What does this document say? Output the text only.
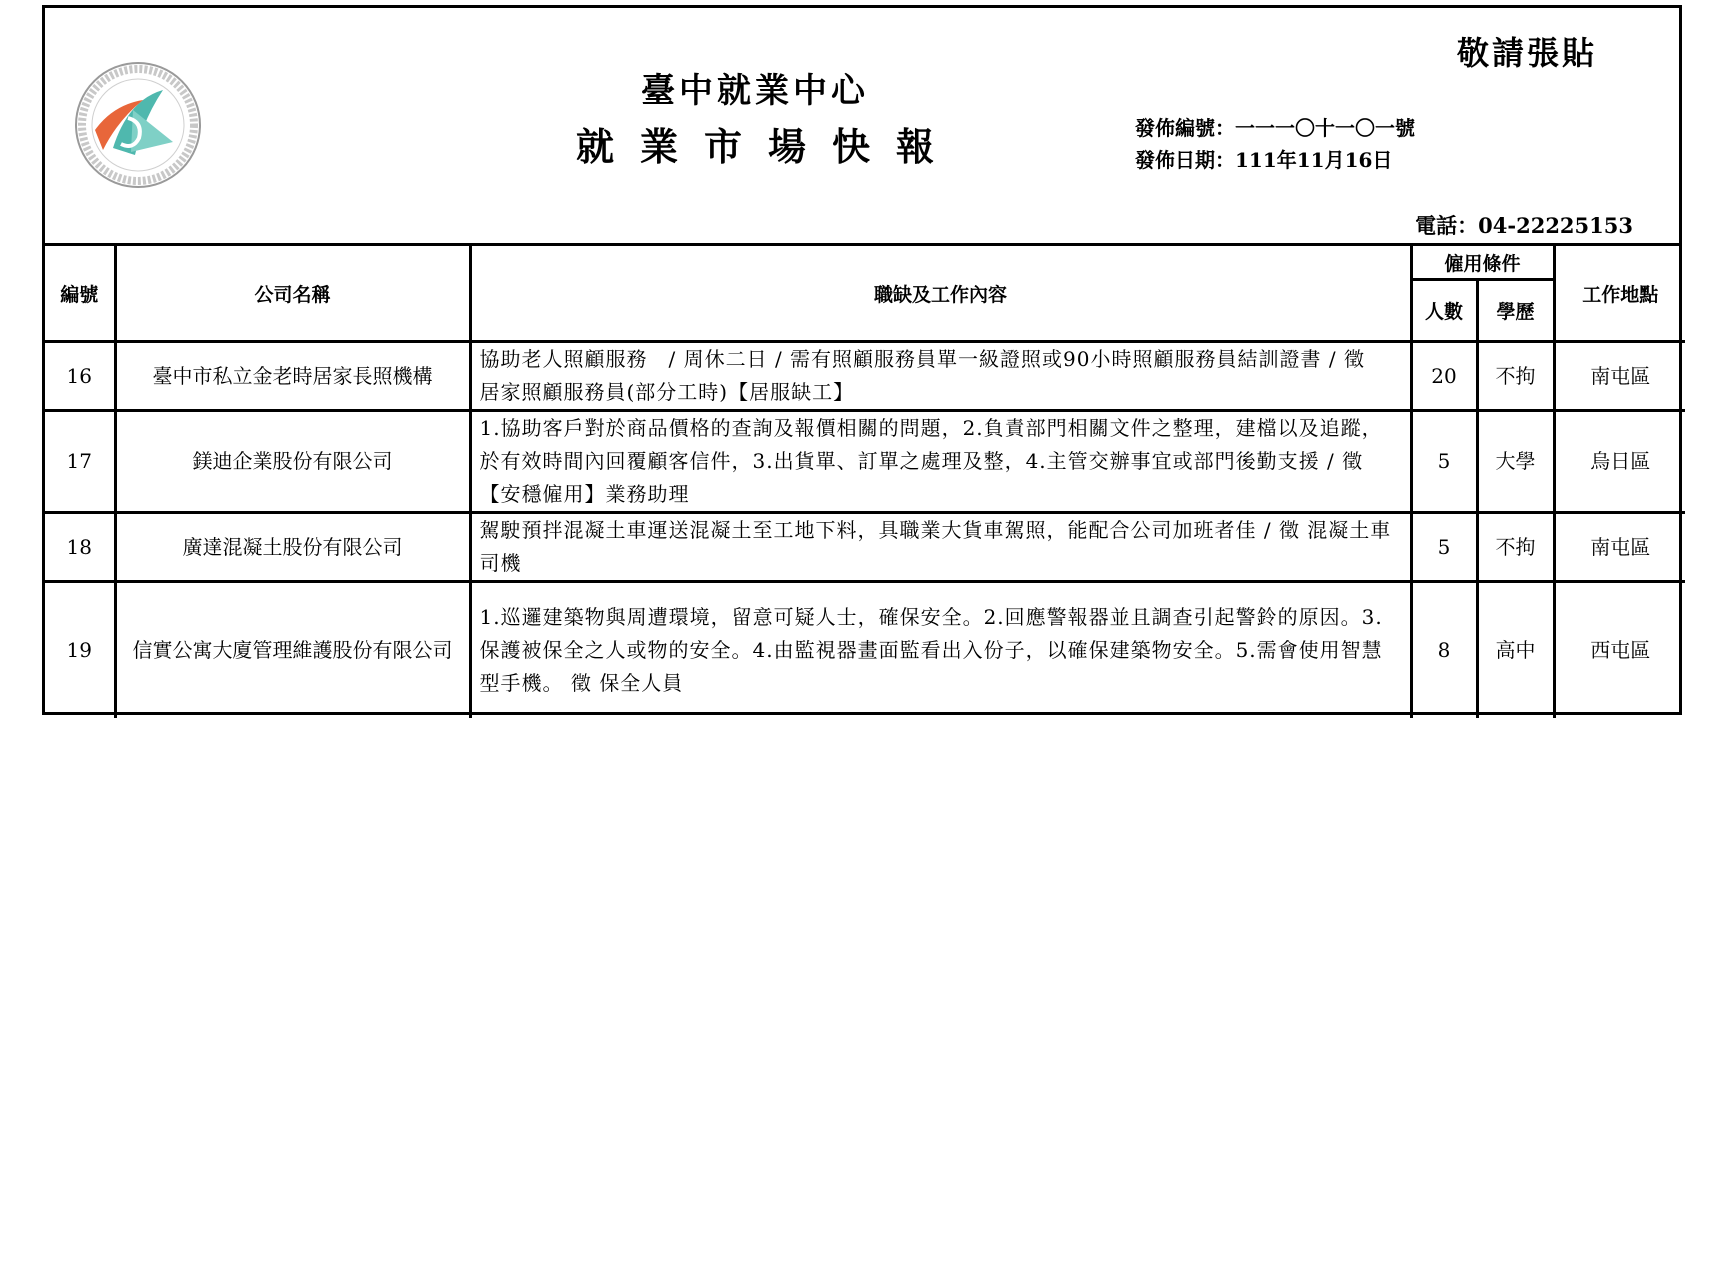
敬請張貼
臺中就業中心
就業市場快報	發佈編號：一一一〇十一〇一號
發佈日期：111年11月16日
電話：04-22225153
編號	公司名稱	職缺及工作內容	僱用條件		工作地點
			人數	學歷	
16	臺中市私立金老時居家長照機構	協助老人照顧服務　/ 周休二日 / 需有照顧服務員單一級證照或90小時照顧服務員結訓證書 / 徵　居家照顧服務員(部分工時)【居服缺工】	20	不拘	南屯區
17	鎂迪企業股份有限公司	1.協助客戶對於商品價格的查詢及報價相關的問題，2.負責部門相關文件之整理，建檔以及追蹤，於有效時間內回覆顧客信件，3.出貨單、訂單之處理及整，4.主管交辦事宜或部門後勤支援 / 徵 【安穩僱用】業務助理	5	大學	烏日區
18	廣達混凝土股份有限公司	駕駛預拌混凝土車運送混凝土至工地下料，具職業大貨車駕照，能配合公司加班者佳 / 徵 混凝土車司機	5	不拘	南屯區
19	信實公寓大廈管理維護股份有限公司	1.巡邏建築物與周遭環境，留意可疑人士，確保安全。2.回應警報器並且調查引起警鈴的原因。3.保護被保全之人或物的安全。4.由監視器畫面監看出入份子，以確保建築物安全。5.需會使用智慧型手機。 徵 保全人員	8	高中	西屯區
